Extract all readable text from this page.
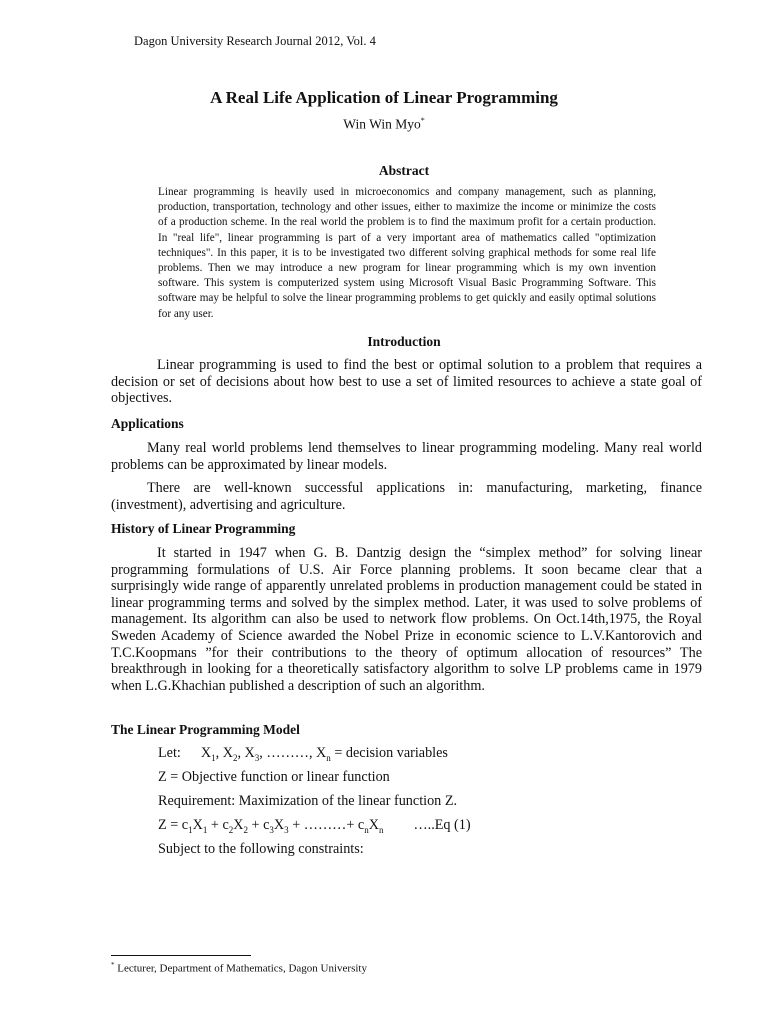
Dagon University Research Journal 2012, Vol. 4
A Real Life Application of Linear Programming
Win Win Myo*
Abstract
Linear programming is heavily used in microeconomics and company management, such as planning, production, transportation, technology and other issues, either to maximize the income or minimize the costs of a production scheme. In the real world the problem is to find the maximum profit for a certain production. In "real life", linear programming is part of a very important area of mathematics called "optimization techniques". In this paper, it is to be investigated two different solving graphical methods for some real life problems. Then we may introduce a new program for linear programming which is my own invention software. This system is computerized system using Microsoft Visual Basic Programming Software. This software may be helpful to solve the linear programming problems to get quickly and easily optimal solutions for any user.
Introduction
Linear programming is used to find the best or optimal solution to a problem that requires a decision or set of decisions about how best to use a set of limited resources to achieve a state goal of objectives.
Applications
Many real world problems lend themselves to linear programming modeling. Many real world problems can be approximated by linear models.
There are well-known successful applications in: manufacturing, marketing, finance (investment), advertising and agriculture.
History of Linear Programming
It started in 1947 when G. B. Dantzig design the “simplex method” for solving linear programming formulations of U.S. Air Force planning problems. It soon became clear that a surprisingly wide range of apparently unrelated problems in production management could be stated in linear programming terms and solved by the simplex method. Later, it was used to solve problems of management. Its algorithm can also be used to network flow problems. On Oct.14th,1975, the Royal Sweden Academy of Science awarded the Nobel Prize in economic science to L.V.Kantorovich and T.C.Koopmans ”for their contributions to the theory of optimum allocation of resources” The breakthrough in looking for a theoretically satisfactory algorithm to solve LP problems came in 1979 when L.G.Khachian published a description of such an algorithm.
The Linear Programming Model
Let: $X_1$, $X_2$, $X_3$, ………, $X_n$ = decision variables
Z = Objective function or linear function
Requirement: Maximization of the linear function Z.
$Z = c_1X_1 + c_2X_2 + c_3X_3$ + ………+ $c_nX_n$ …..Eq (1)
Subject to the following constraints:
* Lecturer, Department of Mathematics, Dagon University
